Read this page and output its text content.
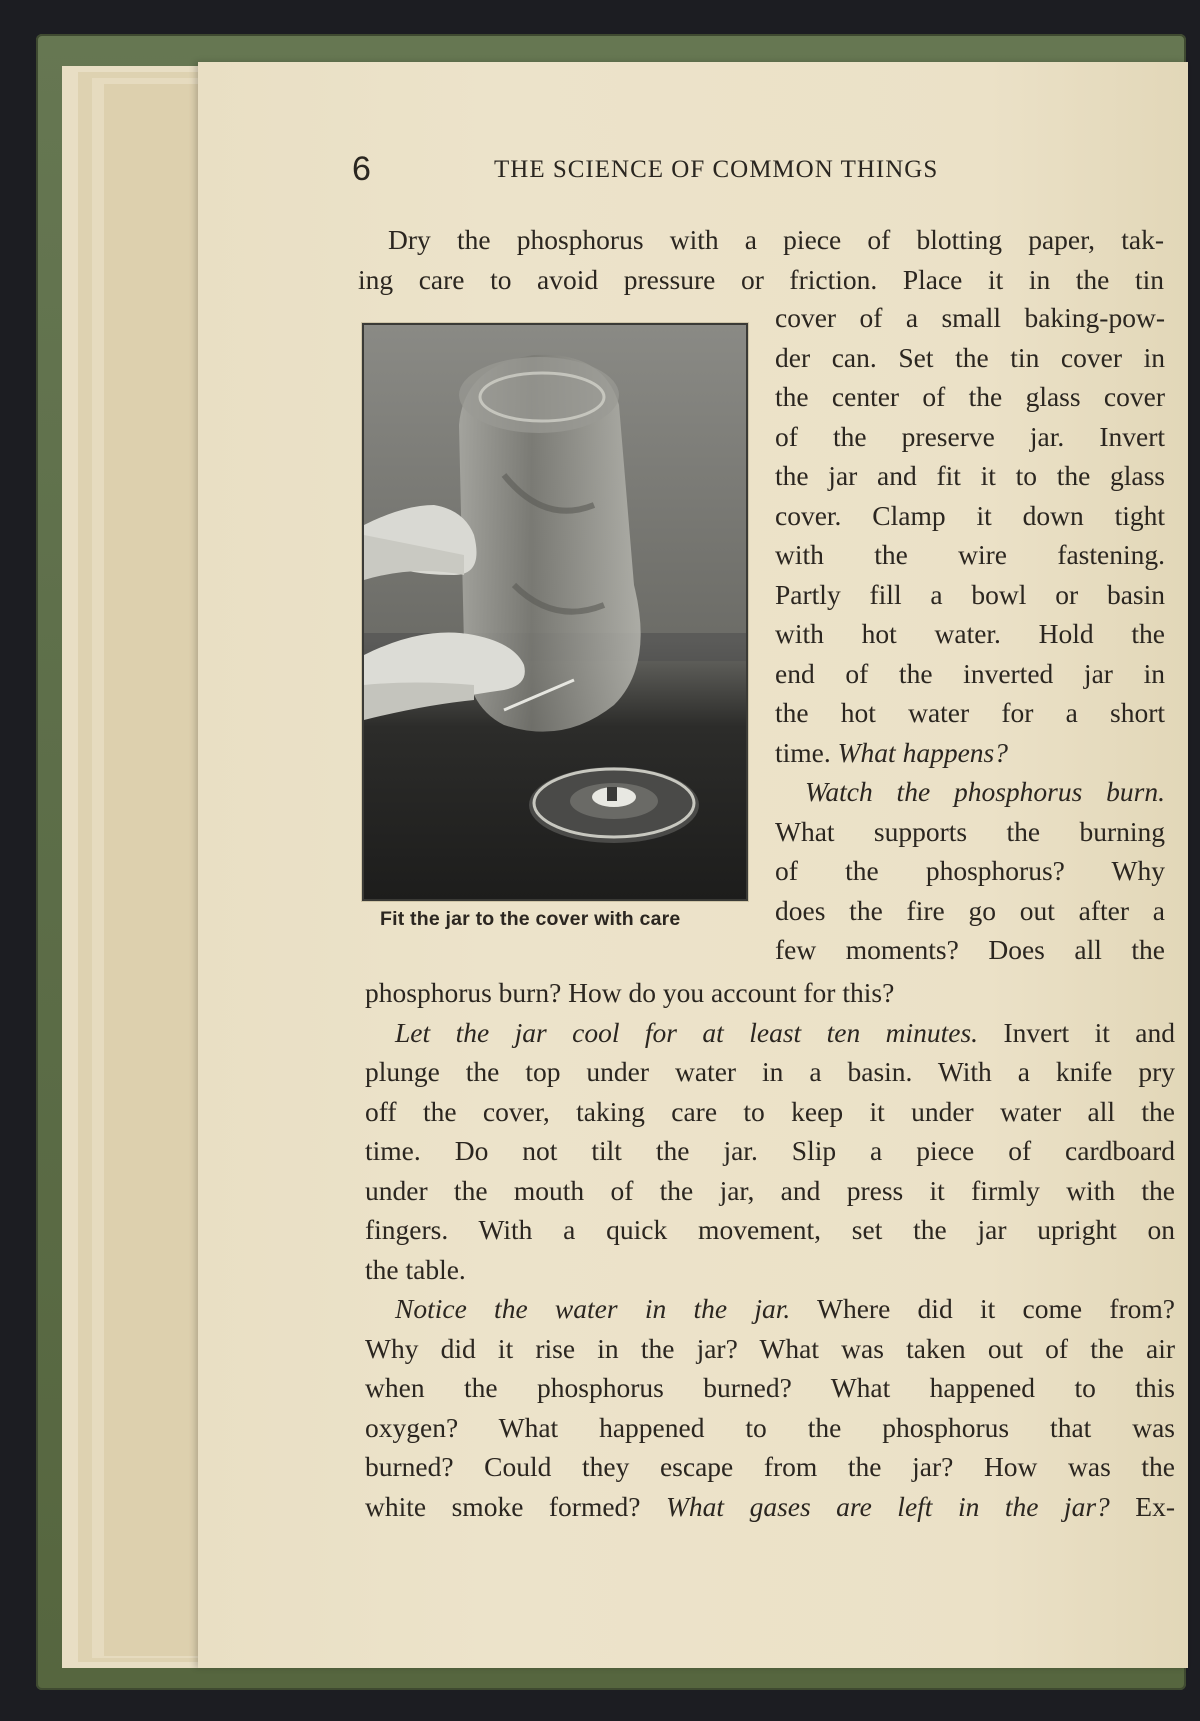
6	THE SCIENCE OF COMMON THINGS
Dry the phosphorus with a piece of blotting paper, tak-
ing care to avoid pressure or friction. Place it in the tin
Fit the jar to the cover with care
cover of a small baking-pow-
der can. Set the tin cover in
the center of the glass cover
of the preserve jar. Invert
the jar and fit it to the glass
cover. Clamp it down tight
with the wire fastening.
Partly fill a bowl or basin
with hot water. Hold the
end of the inverted jar in
the hot water for a short
time. What happens?
Watch the phosphorus burn.
What supports the burning
of the phosphorus? Why
does the fire go out after a
few moments? Does all the
phosphorus burn? How do you account for this?
Let the jar cool for at least ten minutes. Invert it and
plunge the top under water in a basin. With a knife pry
off the cover, taking care to keep it under water all the
time. Do not tilt the jar. Slip a piece of cardboard
under the mouth of the jar, and press it firmly with the
fingers. With a quick movement, set the jar upright on
the table.
Notice the water in the jar. Where did it come from?
Why did it rise in the jar? What was taken out of the air
when the phosphorus burned? What happened to this
oxygen? What happened to the phosphorus that was
burned? Could they escape from the jar? How was the
white smoke formed? What gases are left in the jar? Ex-
